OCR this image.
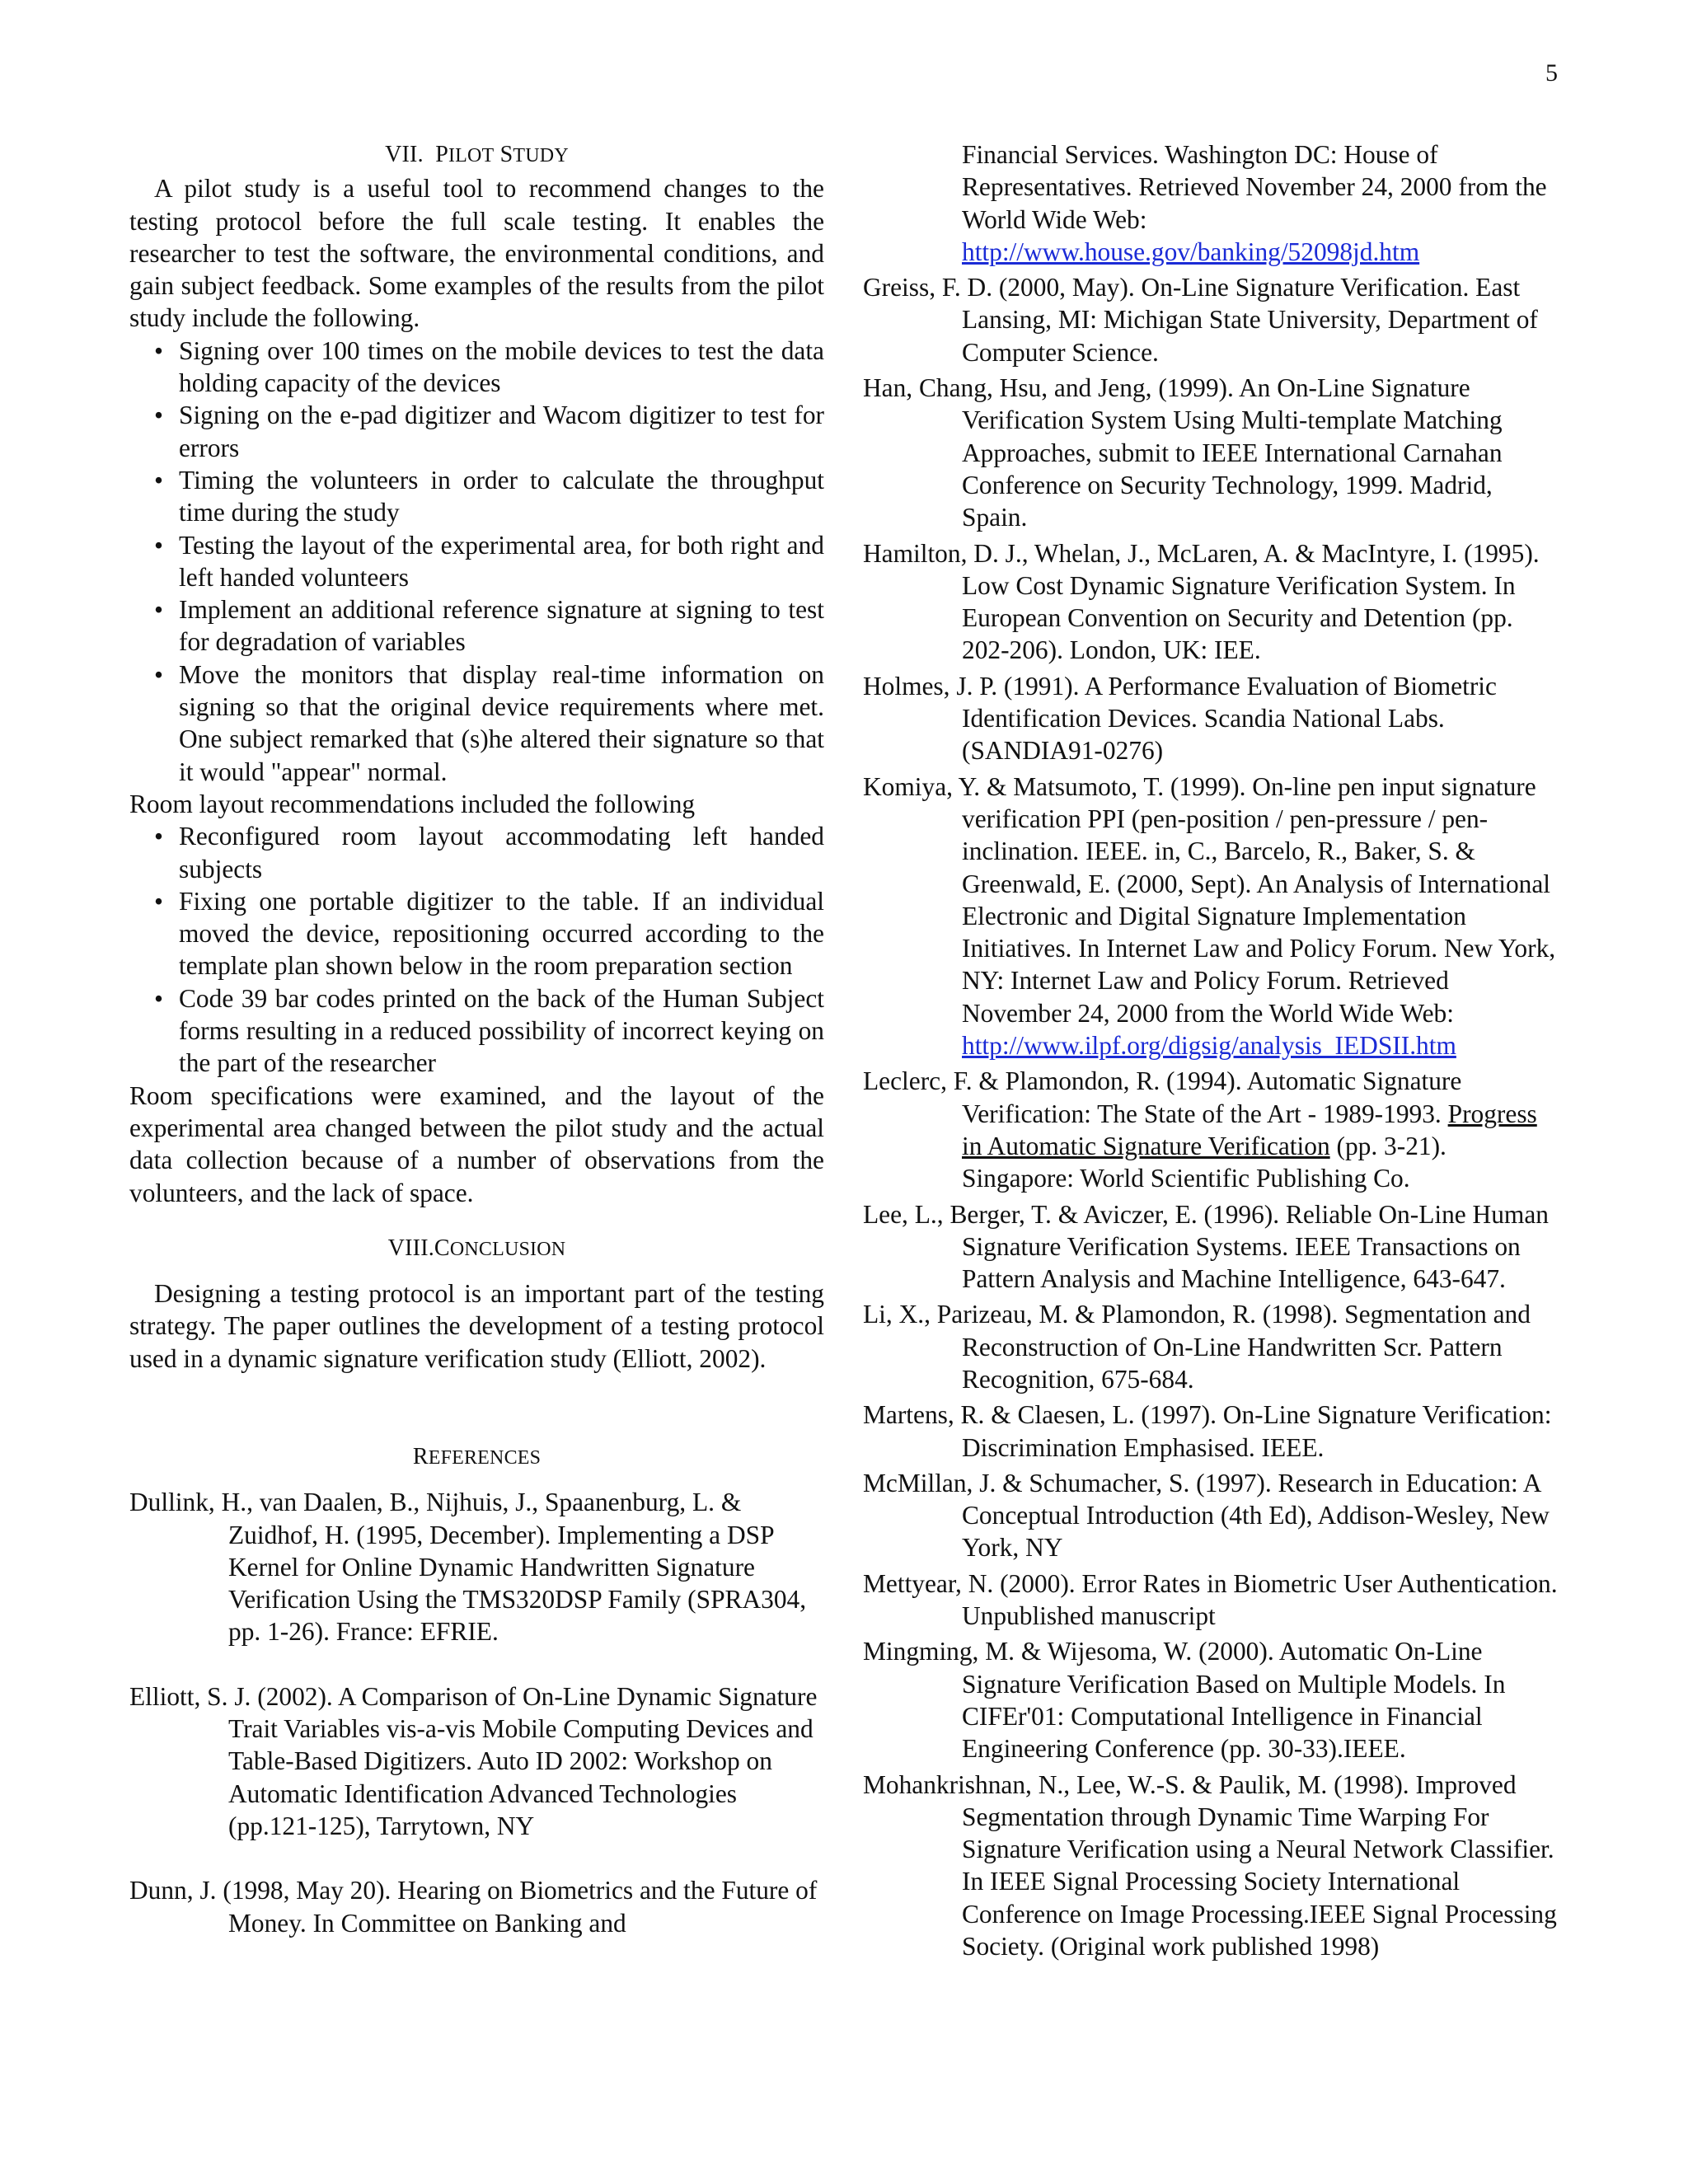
5
VII. PILOT STUDY

A pilot study is a useful tool to recommend changes to the testing protocol before the full scale testing. It enables the researcher to test the software, the environmental conditions, and gain subject feedback. Some examples of the results from the pilot study include the following.

• Signing over 100 times on the mobile devices to test the data holding capacity of the devices
• Signing on the e-pad digitizer and Wacom digitizer to test for errors
• Timing the volunteers in order to calculate the throughput time during the study
• Testing the layout of the experimental area, for both right and left handed volunteers
• Implement an additional reference signature at signing to test for degradation of variables
• Move the monitors that display real-time information on signing so that the original device requirements where met. One subject remarked that (s)he altered their signature so that it would "appear" normal.

Room layout recommendations included the following

• Reconfigured room layout accommodating left handed subjects
• Fixing one portable digitizer to the table. If an individual moved the device, repositioning occurred according to the template plan shown below in the room preparation section
• Code 39 bar codes printed on the back of the Human Subject forms resulting in a reduced possibility of incorrect keying on the part of the researcher

Room specifications were examined, and the layout of the experimental area changed between the pilot study and the actual data collection because of a number of observations from the volunteers, and the lack of space.

VIII.CONCLUSION

Designing a testing protocol is an important part of the testing strategy. The paper outlines the development of a testing protocol used in a dynamic signature verification study (Elliott, 2002).

REFERENCES

Dullink, H., van Daalen, B., Nijhuis, J., Spaanenburg, L. & Zuidhof, H. (1995, December). Implementing a DSP Kernel for Online Dynamic Handwritten Signature Verification Using the TMS320DSP Family (SPRA304, pp. 1-26). France: EFRIE.

Elliott, S. J. (2002). A Comparison of On-Line Dynamic Signature Trait Variables vis-a-vis Mobile Computing Devices and Table-Based Digitizers. Auto ID 2002: Workshop on Automatic Identification Advanced Technologies (pp.121-125), Tarrytown, NY

Dunn, J. (1998, May 20). Hearing on Biometrics and the Future of Money. In Committee on Banking and

Financial Services. Washington DC: House of Representatives. Retrieved November 24, 2000 from the World Wide Web: http://www.house.gov/banking/52098jd.htm

Greiss, F. D. (2000, May). On-Line Signature Verification. East Lansing, MI: Michigan State University, Department of Computer Science.

Han, Chang, Hsu, and Jeng, (1999). An On-Line Signature Verification System Using Multi-template Matching Approaches, submit to IEEE International Carnahan Conference on Security Technology, 1999. Madrid, Spain.

Hamilton, D. J., Whelan, J., McLaren, A. & MacIntyre, I. (1995). Low Cost Dynamic Signature Verification System. In European Convention on Security and Detention (pp. 202-206). London, UK: IEE.

Holmes, J. P. (1991). A Performance Evaluation of Biometric Identification Devices. Scandia National Labs. (SANDIA91-0276)

Komiya, Y. & Matsumoto, T. (1999). On-line pen input signature verification PPI (pen-position / pen-pressure / pen-inclination. IEEE. in, C., Barcelo, R., Baker, S. & Greenwald, E. (2000, Sept). An Analysis of International Electronic and Digital Signature Implementation Initiatives. In Internet Law and Policy Forum. New York, NY: Internet Law and Policy Forum. Retrieved November 24, 2000 from the World Wide Web: http://www.ilpf.org/digsig/analysis_IEDSII.htm

Leclerc, F. & Plamondon, R. (1994). Automatic Signature Verification: The State of the Art - 1989-1993. Progress in Automatic Signature Verification (pp. 3-21). Singapore: World Scientific Publishing Co.

Lee, L., Berger, T. & Aviczer, E. (1996). Reliable On-Line Human Signature Verification Systems. IEEE Transactions on Pattern Analysis and Machine Intelligence, 643-647.

Li, X., Parizeau, M. & Plamondon, R. (1998). Segmentation and Reconstruction of On-Line Handwritten Scr. Pattern Recognition, 675-684.

Martens, R. & Claesen, L. (1997). On-Line Signature Verification: Discrimination Emphasised. IEEE.

McMillan, J. & Schumacher, S. (1997). Research in Education: A Conceptual Introduction (4th Ed), Addison-Wesley, New York, NY

Mettyear, N. (2000). Error Rates in Biometric User Authentication. Unpublished manuscript

Mingming, M. & Wijesoma, W. (2000). Automatic On-Line Signature Verification Based on Multiple Models. In CIFEr'01: Computational Intelligence in Financial Engineering Conference (pp. 30-33).IEEE.

Mohankrishnan, N., Lee, W.-S. & Paulik, M. (1998). Improved Segmentation through Dynamic Time Warping For Signature Verification using a Neural Network Classifier. In IEEE Signal Processing Society International Conference on Image Processing.IEEE Signal Processing Society. (Original work published 1998)
